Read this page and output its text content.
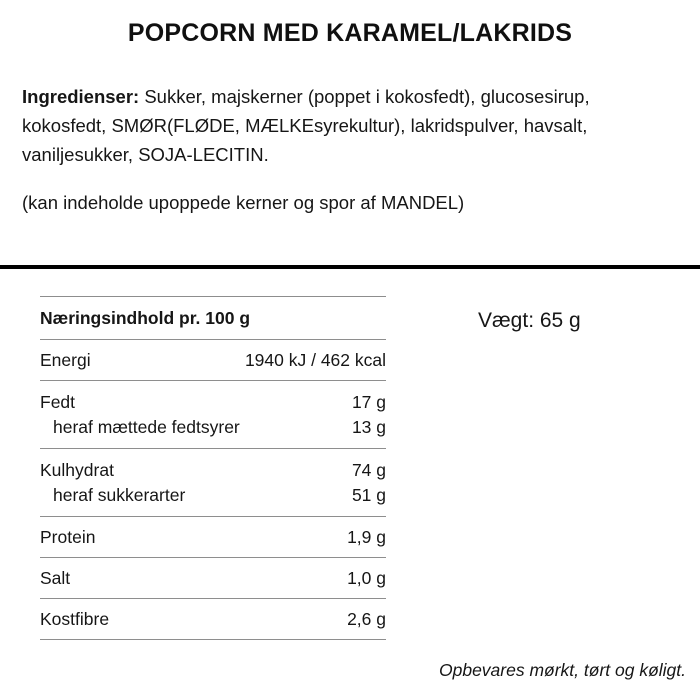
POPCORN MED KARAMEL/LAKRIDS
Ingredienser: Sukker, majskerner (poppet i kokosfedt), glucosesirup, kokosfedt, SMØR(FLØDE, MÆLKEsyrekultur), lakridspulver, havsalt, vaniljesukker, SOJA-LECITIN.
(kan indeholde upoppede kerner og spor af MANDEL)
Næringsindhold pr. 100 g
Energi	1940 kJ / 462 kcal
Fedt	17 g
heraf mættede fedtsyrer	13 g
Kulhydrat	74 g
heraf sukkerarter	51 g
Protein	1,9 g
Salt	1,0 g
Kostfibre	2,6 g
Vægt: 65 g
Opbevares mørkt, tørt og køligt.
